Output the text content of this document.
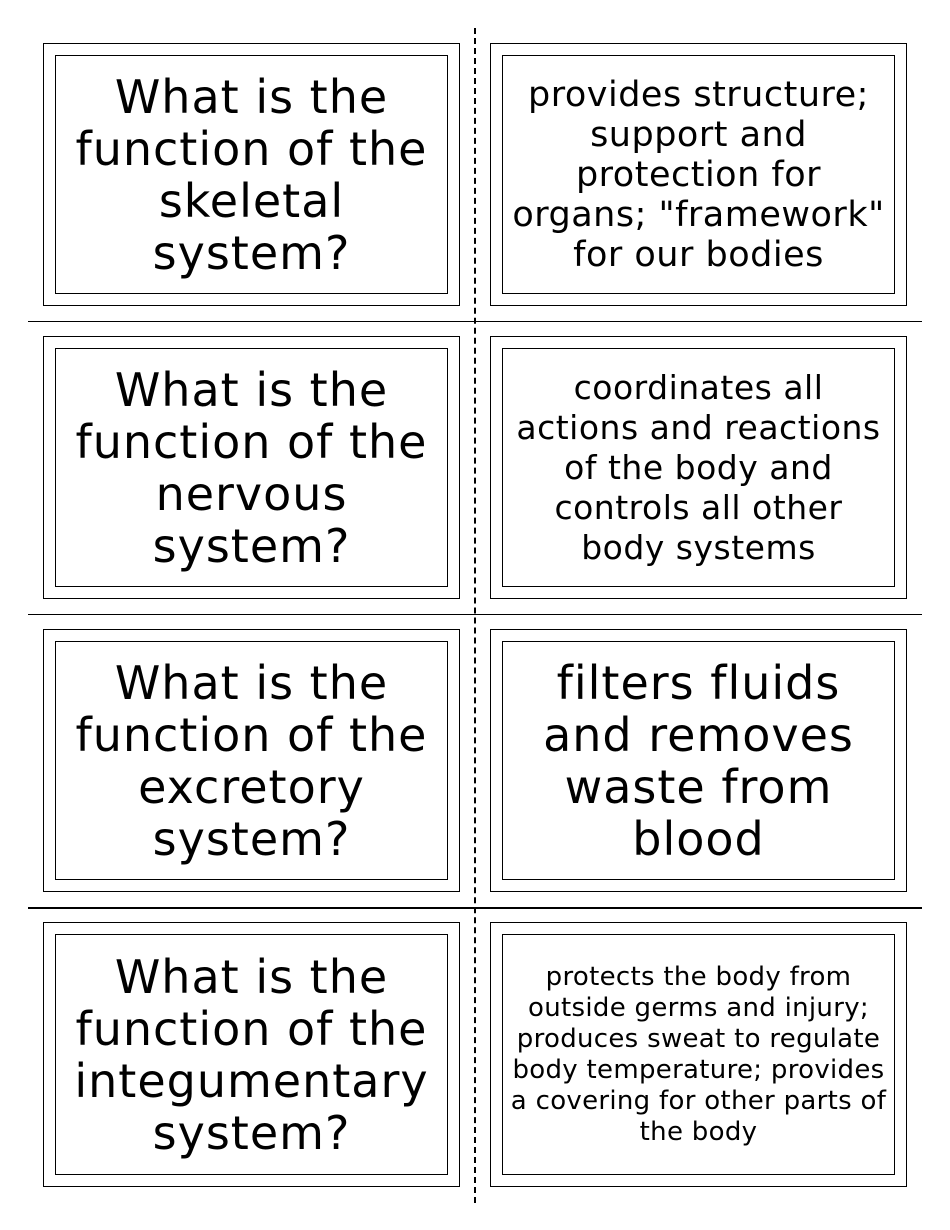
What is the function of the skeletal system?
provides structure; support and protection for organs; "framework" for our bodies
What is the function of the nervous system?
coordinates all actions and reactions of the body and controls all other body systems
What is the function of the excretory system?
filters fluids and removes waste from blood
What is the function of the integumentary system?
protects the body from outside germs and injury; produces sweat to regulate body temperature; provides a covering for other parts of the body
